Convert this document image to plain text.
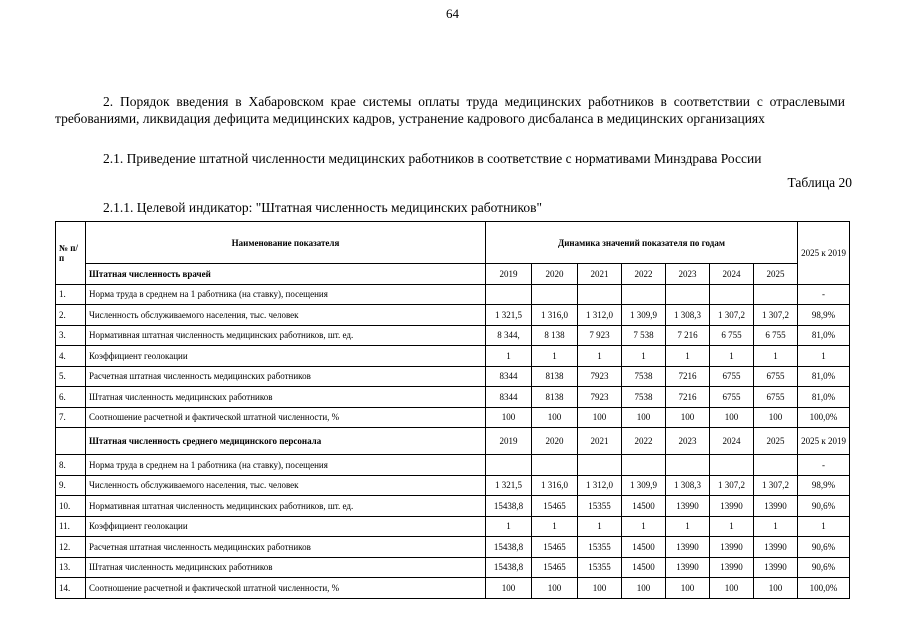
64
2. Порядок введения в Хабаровском крае системы оплаты труда медицинских работников в соответствии с отраслевыми требованиями, ликвидация дефицита медицинских кадров, устранение кадрового дисбаланса в медицинских организациях
2.1. Приведение штатной численности медицинских работников в соответствие с нормативами Минздрава России
Таблица 20
2.1.1. Целевой индикатор: "Штатная численность медицинских работников"
№ п/п	Наименование показателя	Динамика значений показателя по годам							2025 к 2019
	Штатная численность врачей	2019	2020	2021	2022	2023	2024	2025	
1.	Норма труда в среднем на 1 работника (на ставку), посещения								-
2.	Численность обслуживаемого населения, тыс. человек	1 321,5	1 316,0	1 312,0	1 309,9	1 308,3	1 307,2	1 307,2	98,9%
3.	Нормативная штатная численность медицинских работников, шт. ед.	8 344,	8 138	7 923	7 538	7 216	6 755	6 755	81,0%
4.	Коэффициент геолокации	1	1	1	1	1	1	1	1
5.	Расчетная штатная численность медицинских работников	8344	8138	7923	7538	7216	6755	6755	81,0%
6.	Штатная численность медицинских работников	8344	8138	7923	7538	7216	6755	6755	81,0%
7.	Соотношение расчетной и фактической штатной численности, %	100	100	100	100	100	100	100	100,0%
	Штатная численность среднего медицинского персонала	2019	2020	2021	2022	2023	2024	2025	2025 к 2019
8.	Норма труда в среднем на 1 работника (на ставку), посещения								-
9.	Численность обслуживаемого населения, тыс. человек	1 321,5	1 316,0	1 312,0	1 309,9	1 308,3	1 307,2	1 307,2	98,9%
10.	Нормативная штатная численность медицинских работников, шт. ед.	15438,8	15465	15355	14500	13990	13990	13990	90,6%
11.	Коэффициент геолокации	1	1	1	1	1	1	1	1
12.	Расчетная штатная численность медицинских работников	15438,8	15465	15355	14500	13990	13990	13990	90,6%
13.	Штатная численность медицинских работников	15438,8	15465	15355	14500	13990	13990	13990	90,6%
14.	Соотношение расчетной и фактической штатной численности, %	100	100	100	100	100	100	100	100,0%
